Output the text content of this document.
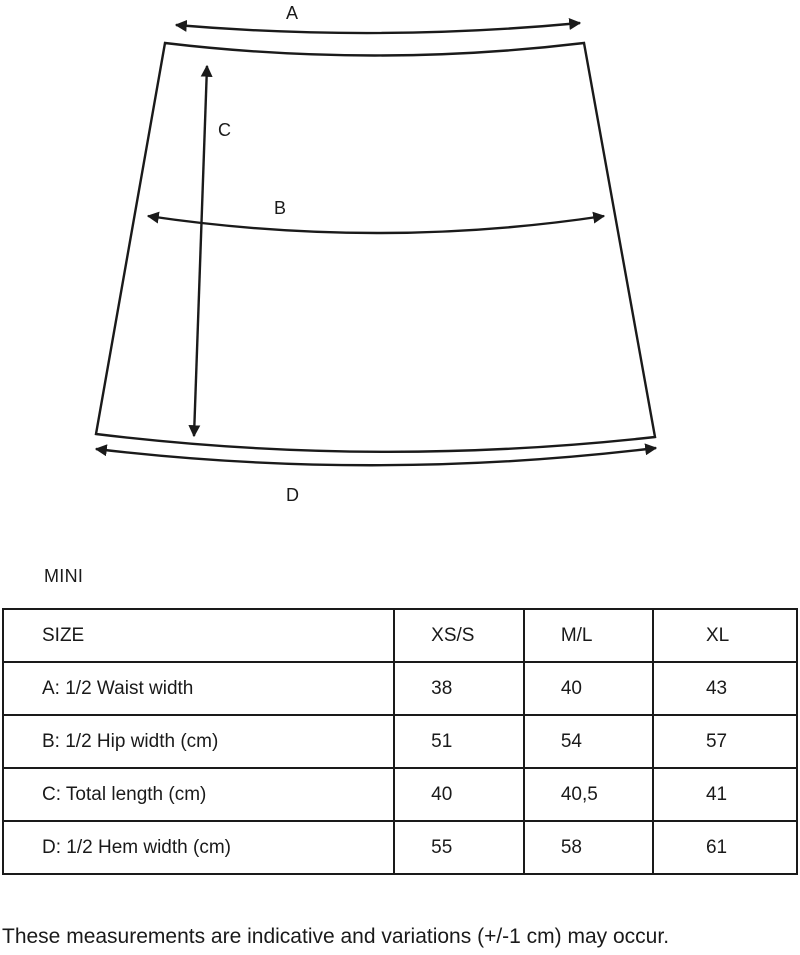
A
B
C
D
MINI
SIZE	XS/S	M/L	XL
A: 1/2 Waist width	38	40	43
B: 1/2 Hip width (cm)	51	54	57
C: Total length (cm)	40	40,5	41
D: 1/2 Hem width (cm)	55	58	61
These measurements are indicative and variations (+/-1 cm) may occur.
